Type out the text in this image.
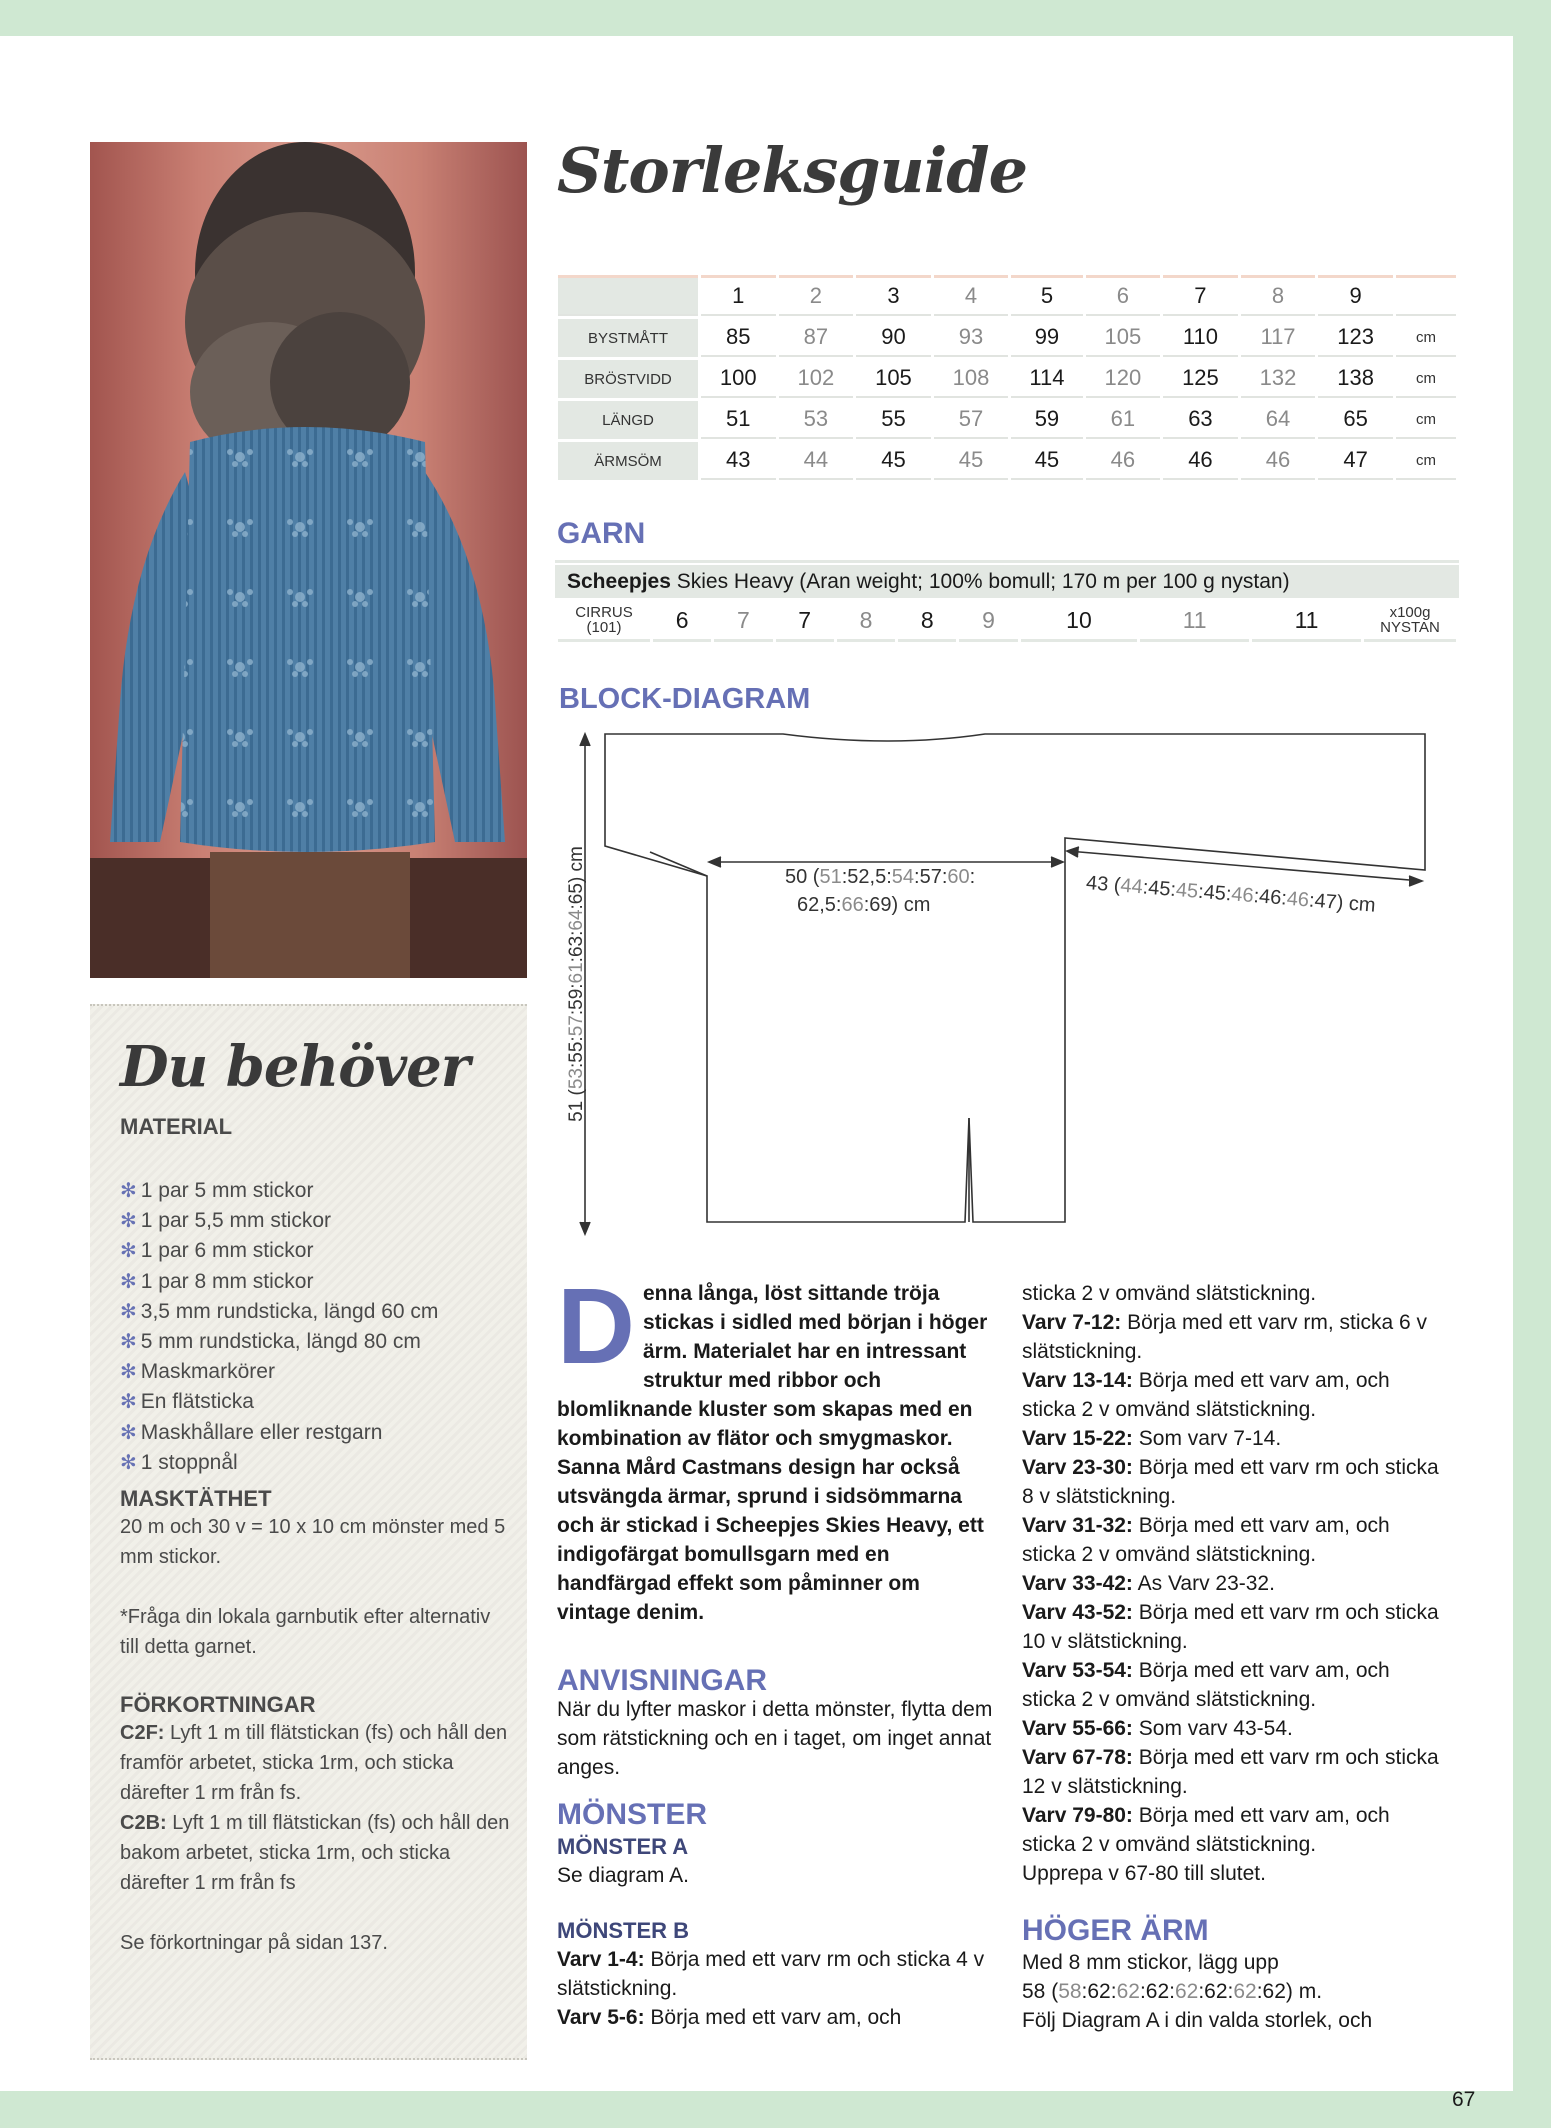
Du behöver
MATERIAL
✻ 1 par 5 mm stickor
✻ 1 par 5,5 mm stickor
✻ 1 par 6 mm stickor
✻ 1 par 8 mm stickor
✻ 3,5 mm rundsticka, längd 60 cm
✻ 5 mm rundsticka, längd 80 cm
✻ Maskmarkörer
✻ En flätsticka
✻ Maskhållare eller restgarn
✻ 1 stoppnål
MASKTÄTHET
20 m och 30 v = 10 x 10 cm mönster med 5 mm stickor.
*Fråga din lokala garnbutik efter alternativ till detta garnet.
FÖRKORTNINGAR
C2F: Lyft 1 m till flätstickan (fs) och håll den framför arbetet, sticka 1rm, och sticka därefter 1 rm från fs.
C2B: Lyft 1 m till flätstickan (fs) och håll den bakom arbetet, sticka 1rm, och sticka därefter 1 rm från fs
Se förkortningar på sidan 137.
Storleksguide
	1	2	3	4	5	6	7	8	9	
BYSTMÅTT	85	87	90	93	99	105	110	117	123	cm
BRÖSTVIDD	100	102	105	108	114	120	125	132	138	cm
LÄNGD	51	53	55	57	59	61	63	64	65	cm
ÄRMSÖM	43	44	45	45	45	46	46	46	47	cm
GARN
Scheepjes Skies Heavy (Aran weight; 100% bomull; 170 m per 100 g nystan)
CIRRUS
(101)	6	7	7	8	8	9	10	11	11	x100g
NYSTAN
BLOCK-DIAGRAM
51 (53:55:57:59:61:63:64:65) cm	50 (51:52,5:54:57:60:
62,5:66:69) cm
43 (44:45:45:45:46:46:46:47) cm
Denna långa, löst sittande tröja stickas i sidled med början i höger ärm. Materialet har en intressant struktur med ribbor och blomliknande kluster som skapas med en kombination av flätor och smygmaskor. Sanna Mård Castmans design har också utsvängda ärmar, sprund i sidsömmarna och är stickad i Scheepjes Skies Heavy, ett indigofärgat bomullsgarn med en handfärgad effekt som påminner om vintage denim.
ANVISNINGAR
När du lyfter maskor i detta mönster, flytta dem som rätstickning och en i taget, om inget annat anges.
MÖNSTER
MÖNSTER A
Se diagram A.
MÖNSTER B
Varv 1-4: Börja med ett varv rm och sticka 4 v slätstickning.
Varv 5-6: Börja med ett varv am, och
sticka 2 v omvänd slätstickning.
Varv 7-12: Börja med ett varv rm, sticka 6 v slätstickning.
Varv 13-14: Börja med ett varv am, och sticka 2 v omvänd slätstickning.
Varv 15-22: Som varv 7-14.
Varv 23-30: Börja med ett varv rm och sticka 8 v slätstickning.
Varv 31-32: Börja med ett varv am, och sticka 2 v omvänd slätstickning.
Varv 33-42: As Varv 23-32.
Varv 43-52: Börja med ett varv rm och sticka 10 v slätstickning.
Varv 53-54: Börja med ett varv am, och sticka 2 v omvänd slätstickning.
Varv 55-66: Som varv 43-54.
Varv 67-78: Börja med ett varv rm och sticka 12 v slätstickning.
Varv 79-80: Börja med ett varv am, och sticka 2 v omvänd slätstickning.
Upprepa v 67-80 till slutet.
HÖGER ÄRM
Med 8 mm stickor, lägg upp
58 (58:62:62:62:62:62:62:62) m.
Följ Diagram A i din valda storlek, och
67
